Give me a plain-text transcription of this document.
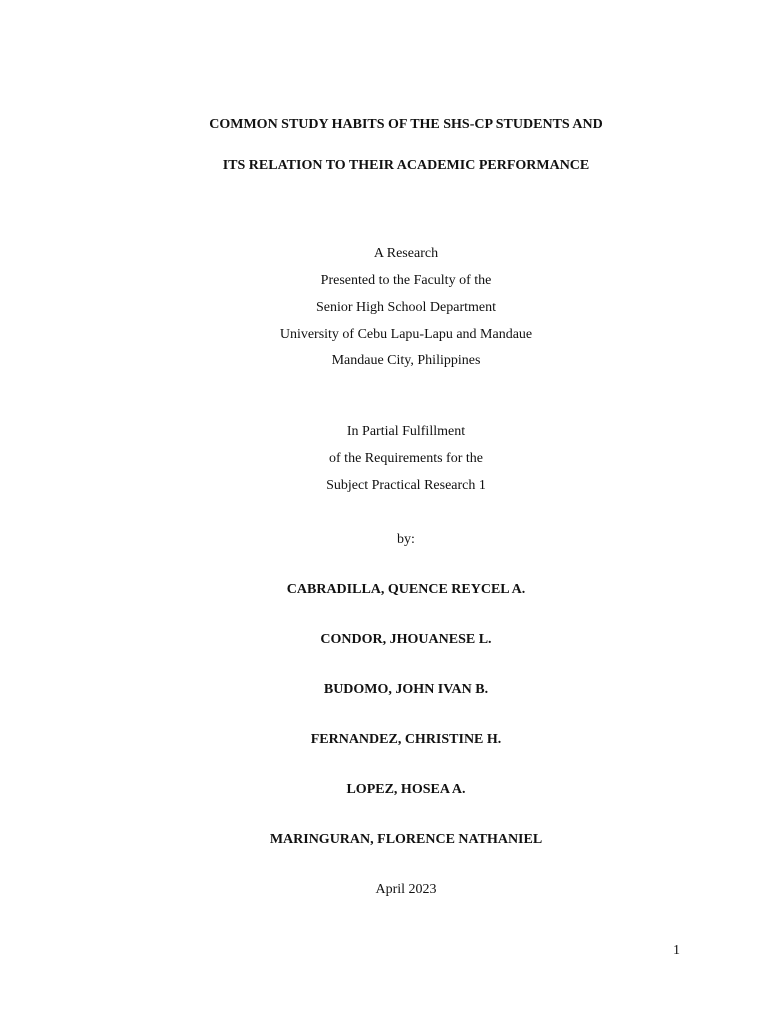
COMMON STUDY HABITS OF THE SHS-CP STUDENTS AND
ITS RELATION TO THEIR ACADEMIC PERFORMANCE
A Research
Presented to the Faculty of the
Senior High School Department
University of Cebu Lapu-Lapu and Mandaue
Mandaue City, Philippines
In Partial Fulfillment
of the Requirements for the
Subject Practical Research 1
by:
CABRADILLA, QUENCE REYCEL A.
CONDOR, JHOUANESE L.
BUDOMO, JOHN IVAN B.
FERNANDEZ, CHRISTINE H.
LOPEZ, HOSEA A.
MARINGURAN, FLORENCE NATHANIEL
April 2023
1
